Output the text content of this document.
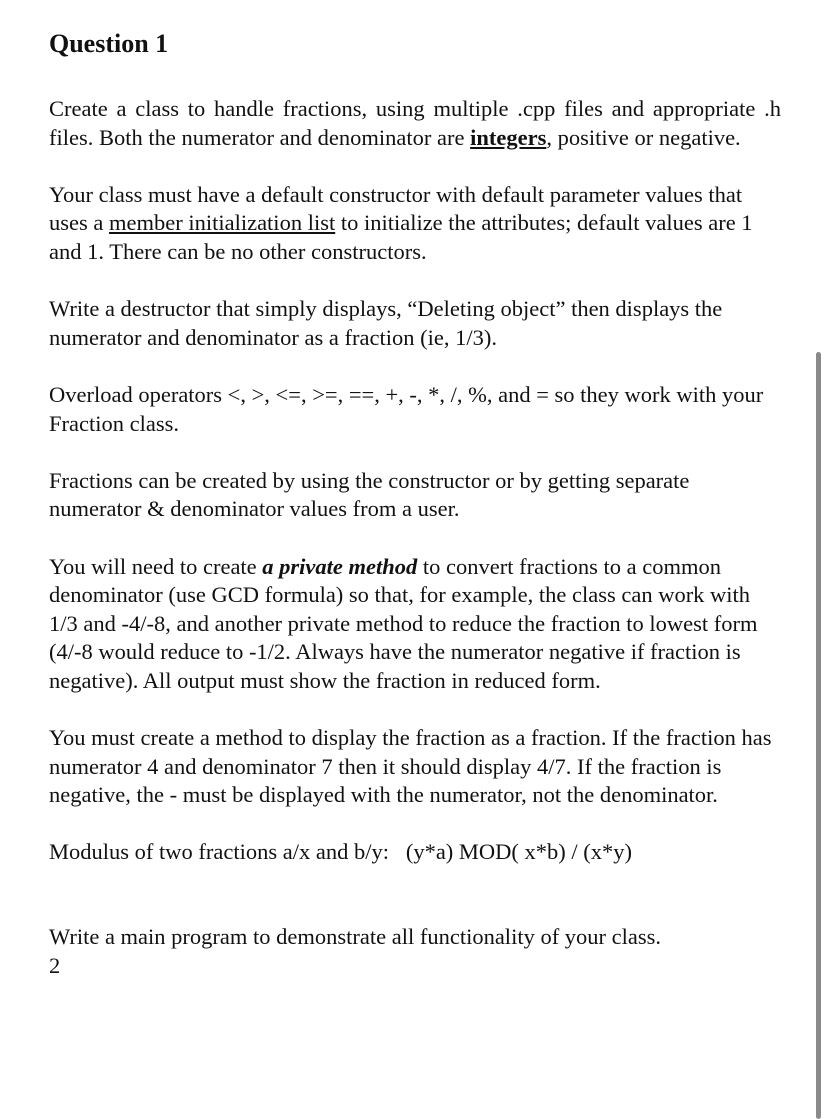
Question 1

Create a class to handle fractions, using multiple .cpp files and appropriate .h files. Both the numerator and denominator are integers, positive or negative.

Your class must have a default constructor with default parameter values that uses a member initialization list to initialize the attributes; default values are 1 and 1. There can be no other constructors.

Write a destructor that simply displays, “Deleting object” then displays the numerator and denominator as a fraction (ie, 1/3).

Overload operators <, >, <=, >=, ==, +, -, *, /, %, and = so they work with your Fraction class.

Fractions can be created by using the constructor or by getting separate numerator & denominator values from a user.

You will need to create a private method to convert fractions to a common denominator (use GCD formula) so that, for example, the class can work with 1/3 and -4/-8, and another private method to reduce the fraction to lowest form (4/-8 would reduce to -1/2. Always have the numerator negative if fraction is negative). All output must show the fraction in reduced form.

You must create a method to display the fraction as a fraction. If the fraction has numerator 4 and denominator 7 then it should display 4/7. If the fraction is negative, the - must be displayed with the numerator, not the denominator.

Modulus of two fractions a/x and b/y:   (y*a) MOD( x*b) / (x*y)

Write a main program to demonstrate all functionality of your class.

2
